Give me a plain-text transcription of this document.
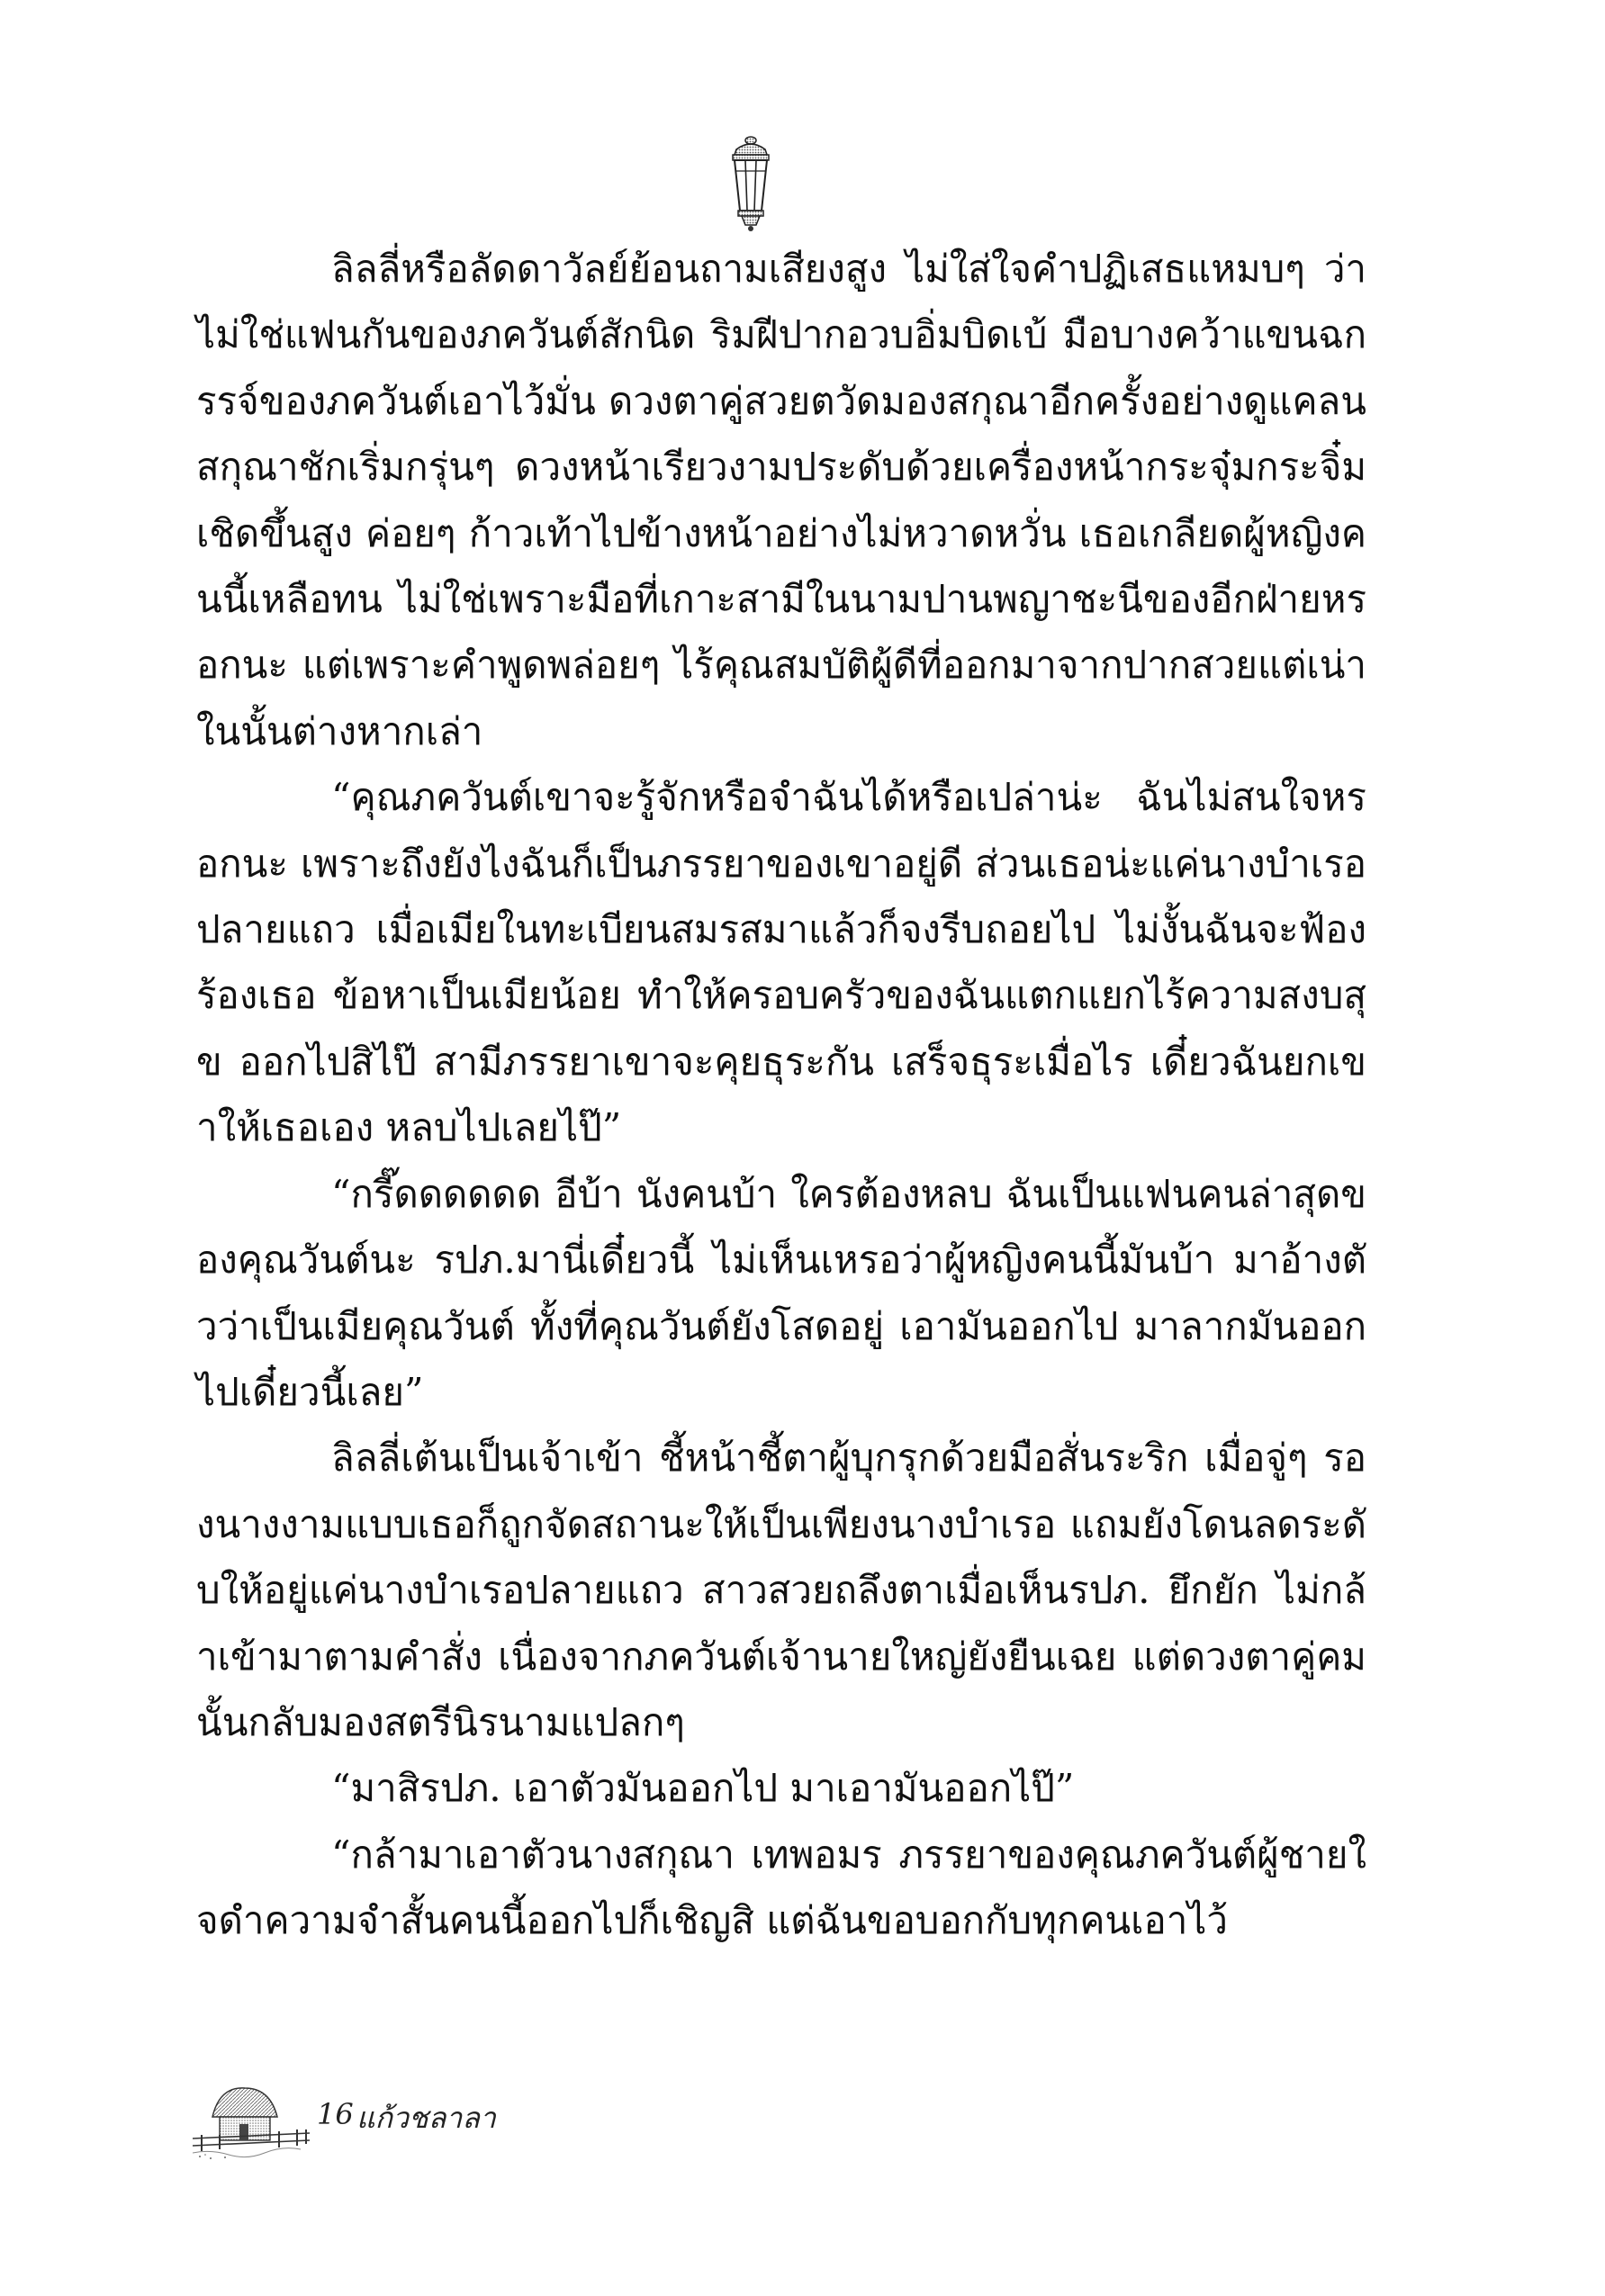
ลิลลี่หรือลัดดาวัลย์ย้อนถามเสียงสูง ไม่ใส่ใจคำปฏิเสธแหมบๆ ว่าไม่ใช่แฟนกันของภควันต์สักนิด ริมฝีปากอวบอิ่มบิดเบ้ มือบางคว้าแขนฉกรรจ์ของภควันต์เอาไว้มั่น ดวงตาคู่สวยตวัดมองสกุณาอีกครั้งอย่างดูแคลน สกุณาชักเริ่มกรุ่นๆ ดวงหน้าเรียวงามประดับด้วยเครื่องหน้ากระจุ๋มกระจิ๋มเชิดขึ้นสูง ค่อยๆ ก้าวเท้าไปข้างหน้าอย่างไม่หวาดหวั่น เธอเกลียดผู้หญิงคนนี้เหลือทน ไม่ใช่เพราะมือที่เกาะสามีในนามปานพญาชะนีของอีกฝ่ายหรอกนะ แต่เพราะคำพูดพล่อยๆ ไร้คุณสมบัติผู้ดีที่ออกมาจากปากสวยแต่เน่าในนั้นต่างหากเล่า

“คุณภควันต์เขาจะรู้จักหรือจำฉันได้หรือเปล่าน่ะ ฉันไม่สนใจหรอกนะ เพราะถึงยังไงฉันก็เป็นภรรยาของเขาอยู่ดี ส่วนเธอน่ะแค่นางบำเรอปลายแถว เมื่อเมียในทะเบียนสมรสมาแล้วก็จงรีบถอยไป ไม่งั้นฉันจะฟ้องร้องเธอ ข้อหาเป็นเมียน้อย ทำให้ครอบครัวของฉันแตกแยกไร้ความสงบสุข ออกไปสิไป๊ สามีภรรยาเขาจะคุยธุระกัน เสร็จธุระเมื่อไร เดี๋ยวฉันยกเขาให้เธอเอง หลบไปเลยไป๊”

“กรี๊ดดดดดด อีบ้า นังคนบ้า ใครต้องหลบ ฉันเป็นแฟนคนล่าสุดของคุณวันต์นะ รปภ.มานี่เดี๋ยวนี้ ไม่เห็นเหรอว่าผู้หญิงคนนี้มันบ้า มาอ้างตัวว่าเป็นเมียคุณวันต์ ทั้งที่คุณวันต์ยังโสดอยู่ เอามันออกไป มาลากมันออกไปเดี๋ยวนี้เลย”

ลิลลี่เต้นเป็นเจ้าเข้า ชี้หน้าชี้ตาผู้บุกรุกด้วยมือสั่นระริก เมื่อจู่ๆ รองนางงามแบบเธอก็ถูกจัดสถานะให้เป็นเพียงนางบำเรอ แถมยังโดนลดระดับให้อยู่แค่นางบำเรอปลายแถว สาวสวยถลึงตาเมื่อเห็นรปภ. ยึกยัก ไม่กล้าเข้ามาตามคำสั่ง เนื่องจากภควันต์เจ้านายใหญ่ยังยืนเฉย แต่ดวงตาคู่คมนั้นกลับมองสตรีนิรนามแปลกๆ

“มาสิรปภ. เอาตัวมันออกไป มาเอามันออกไป๊”

“กล้ามาเอาตัวนางสกุณา เทพอมร ภรรยาของคุณภควันต์ผู้ชายใจดำความจำสั้นคนนี้ออกไปก็เชิญสิ แต่ฉันขอบอกกับทุกคนเอาไว้

16 แก้วชลาลา
